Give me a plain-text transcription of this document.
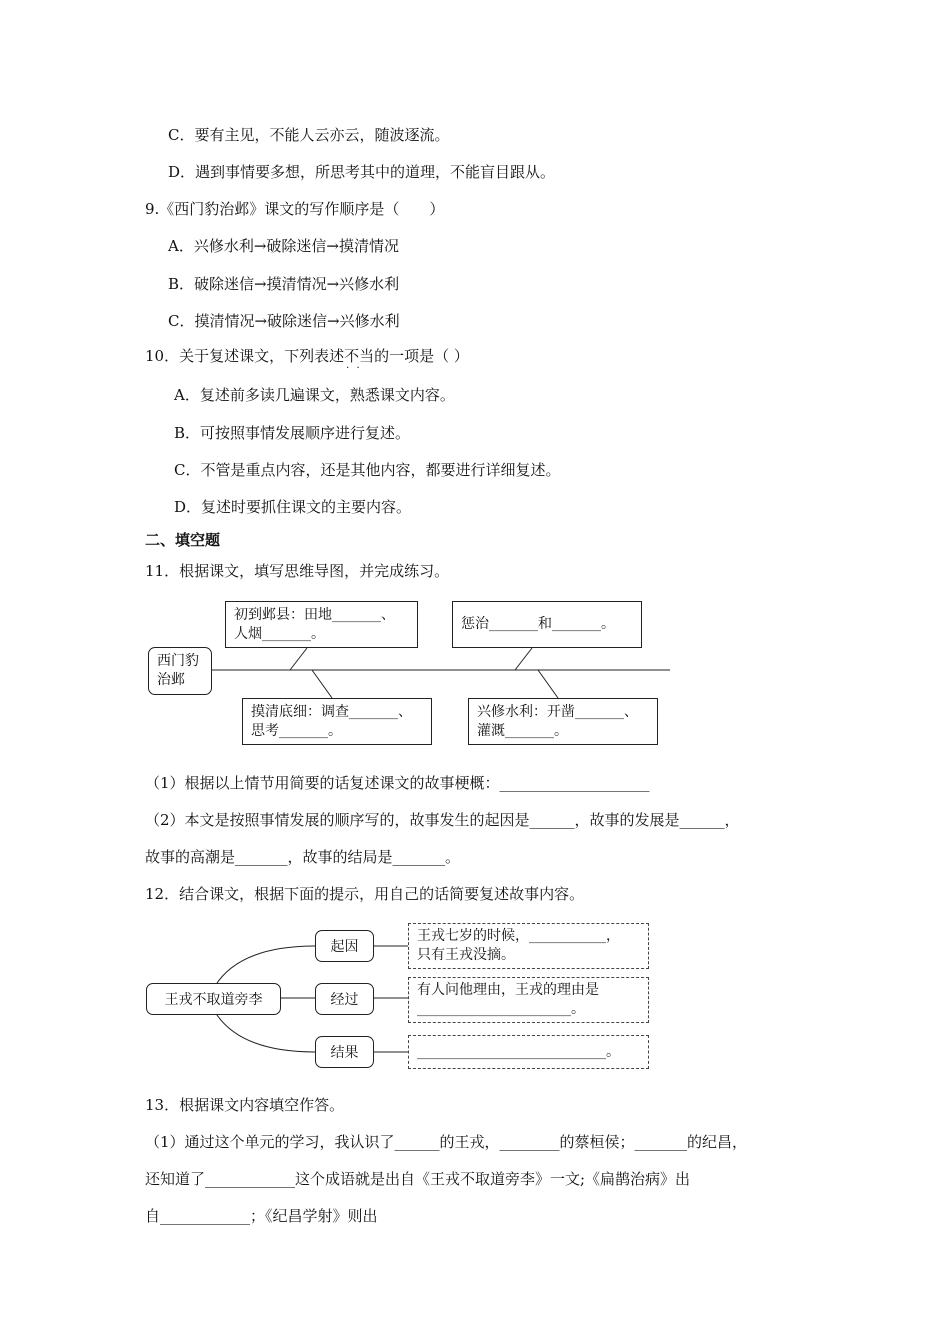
C．要有主见，不能人云亦云，随波逐流。
D．遇到事情要多想，所思考其中的道理，不能盲目跟从。
9.《西门豹治邺》课文的写作顺序是（　　）
A．兴修水利→破除迷信→摸清情况
B．破除迷信→摸清情况→兴修水利
C．摸清情况→破除迷信→兴修水利
10．关于复述课文，下列表述不当 · ·的一项是（ ）
A．复述前多读几遍课文，熟悉课文内容。
B．可按照事情发展顺序进行复述。
C．不管是重点内容，还是其他内容，都要进行详细复述。
D．复述时要抓住课文的主要内容。
二、填空题
11．根据课文，填写思维导图，并完成练习。
西门豹治邺
初到邺县：田地_______、
人烟_______。
惩治_______和_______。
摸清底细：调查_______、
思考_______。
兴修水利：开凿_______、
灌溉_______。
（1）根据以上情节用简要的话复述课文的故事梗概：____________________
（2）本文是按照事情发展的顺序写的，故事发生的起因是______，故事的发展是______，
故事的高潮是_______，故事的结局是_______。
12．结合课文，根据下面的提示，用自己的话简要复述故事内容。
王戎不取道旁李
起因
经过
结果
王戎七岁的时候，___________，
只有王戎没摘。
有人问他理由，王戎的理由是
______________________。
___________________________。
13．根据课文内容填空作答。
（1）通过这个单元的学习，我认识了______的王戎，________的蔡桓侯；_______的纪昌，
还知道了____________这个成语就是出自《王戎不取道旁李》一文;《扁鹊治病》出
自____________；《纪昌学射》则出
